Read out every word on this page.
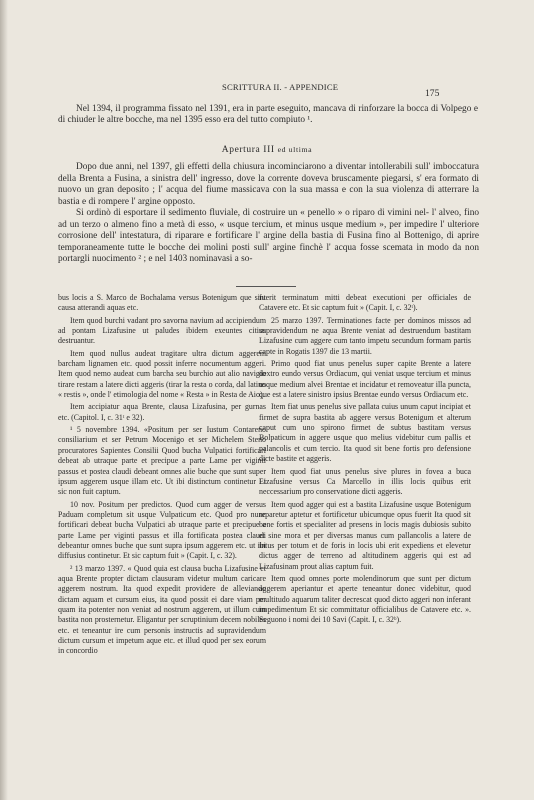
SCRITTURA II. - APPENDICE
175

Nel 1394, il programma fissato nel 1391, era in parte eseguito, mancava di rinforzare la bocca di Volpego e di chiuder le altre bocche, ma nel 1395 esso era del tutto compiuto ¹.

Apertura III ed ultima

Dopo due anni, nel 1397, gli effetti della chiusura incominciarono a diventar intollerabili sull' imboccatura della Brenta a Fusina, a sinistra dell' ingresso, dove la corrente doveva bruscamente piegarsi, s' era formato di nuovo un gran deposito ; l' acqua del fiume massicava con la sua massa e con la sua violenza di atterrare la bastia e di rompere l' argine opposto.

Si ordinò di esportare il sedimento fluviale, di costruire un « penello » o riparo di vimini nel- l' alveo, fino ad un terzo o almeno fino a metà di esso, « usque tercium, et minus usque medium », per impedire l' ulteriore corrosione dell' intestatura, di riparare e fortificare l' argine della bastia di Fusina fino al Bottenigo, di aprire temporaneamente tutte le bocche dei molini posti sull' argine finchè l' acqua fosse scemata in modo da non portargli nuocimento ² ; e nel 1403 nominavasi a so-

bus locis a S. Marco de Bochalama versus Botenigum que sint causa atterandi aquas etc.

Item quod burchi vadant pro savorna navium ad accipiendum ad pontam Lizafusine ut paludes ibidem exeuntes citius destruantur.

Item quod nullus audeat tragitare ultra dictum aggerem barcham lignamen etc. quod possit inferre nocumentum aggeri. Item quod nemo audeat cum barcha seu burchio aut alio navigio tirare restam a latere dicti aggeris (tirar la resta o corda, dal latino « restis », onde l' etimologia del nome « Resta » in Resta de Aio).

Item accipiatur aqua Brente, clausa Lizafusina, per gurnas etc. (Capitol. I, c. 31ᵗ e 32).

¹ 5 novembre 1394. «Positum per ser Iustum Contareno consiliarium et ser Petrum Mocenigo et ser Michelem Steno procuratores Sapientes Consilii Quod bucha Vulpatici fortificari debeat ab utraque parte et precipue a parte Lame per viginti passus et postea claudi debeant omnes alie buche que sunt super ipsum aggerem usque illam etc. Ut ibi distinctum continetur Et sic non fuit captum.

10 nov. Positum per predictos. Quod cum agger de versus Paduam completum sit usque Vulpaticum etc. Quod pro nunc fortificari debeat bucha Vulpatici ab utraque parte et precipue a parte Lame per viginti passus et illa fortificata postea claudi debeantur omnes buche que sunt supra ipsum aggerem etc. ut ibi diffusius continetur. Et sic captum fuit » (Capit. I, c. 32).

² 13 marzo 1397. « Quod quia est clausa bucha Lizafusine et aqua Brente propter dictam clausuram videtur multum caricare aggerem nostrum. Ita quod expedit providere de alleviando dictam aquam et cursum eius, ita quod possit ei dare viam per quam ita potenter non veniat ad nostrum aggerem, ut illum cum bastita non prosternetur. Eligantur per scruptinium decem nobiles etc. et teneantur ire cum personis instructis ad supravidendum dictum cursum et impetum aque etc. et illud quod per sex eorum in concordio

fuerit terminatum mitti debeat executioni per officiales de Catavere etc. Et sic captum fuit » (Capit. I, c. 32ᵗ).

25 marzo 1397. Terminationes facte per dominos missos ad supravidendum ne aqua Brente veniat ad destruendum bastitam Lizafusine cum aggere cum tanto impetu secundum formam partis capte in Rogatis 1397 die 13 martii.

Primo quod fiat unus penelus super capite Brente a latere dextro eundo versus Ordiacum, qui veniat usque tercium et minus usque medium alvei Brentae et incidatur et removeatur illa puncta, que est a latere sinistro ipsius Brentae eundo versus Ordiacum etc.

Item fiat unus penelus sive pallata cuius unum caput incipiat et firmet de supra bastita ab aggere versus Botenigum et alterum caput cum uno spirono firmet de subtus bastitam versus Bolpaticum in aggere usque quo melius videbitur cum pallis et palancolis et cum tercio. Ita quod sit bene fortis pro defensione dicte bastite et aggeris.

Item quod fiat unus penelus sive plures in fovea a buca Lizafusine versus Ca Marcello in illis locis quibus erit neccessarium pro conservatione dicti aggeris.

Item quod agger qui est a bastita Lizafusine usque Botenigum reparetur aptetur et fortificetur ubicumque opus fuerit Ita quod sit bene fortis et specialiter ad presens in locis magis dubiosis subito et sine mora et per diversas manus cum pallancolis a latere de intus per totum et de foris in locis ubi erit expediens et elevetur dictus agger de terreno ad altitudinem aggeris qui est ad Lizafusinam prout alias captum fuit.

Item quod omnes porte molendinorum que sunt per dictum aggerem aperiantur et aperte teneantur donec videbitur, quod multitudo aquarum taliter decrescat quod dicto aggeri non inferant impedimentum Et sic committatur officialibus de Catavere etc. ». Seguono i nomi dei 10 Savi (Capit. I, c. 32ᵇ).
